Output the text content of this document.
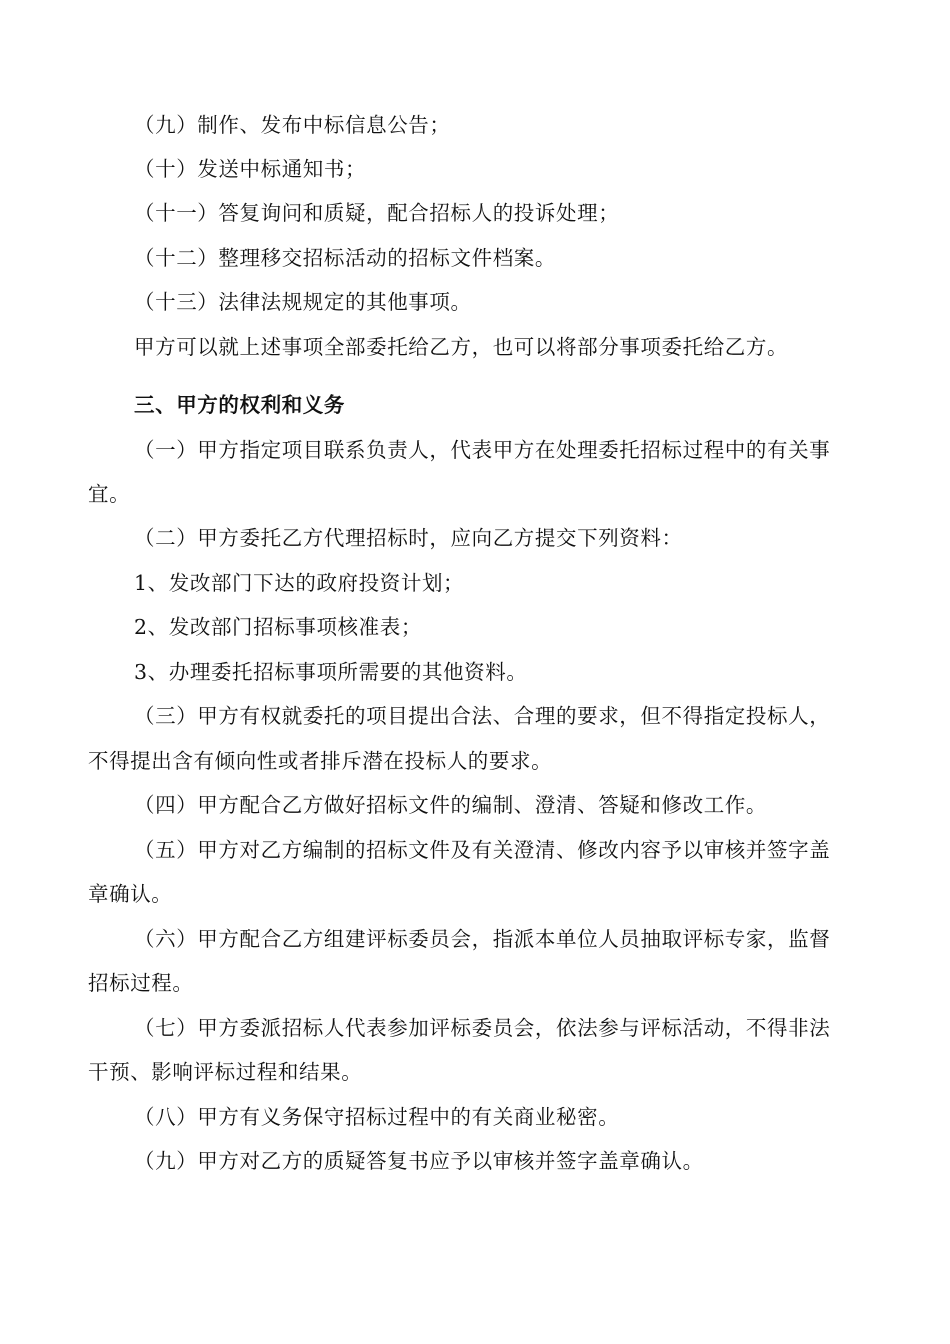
（九）制作、发布中标信息公告；
（十）发送中标通知书；
（十一）答复询问和质疑，配合招标人的投诉处理；
（十二）整理移交招标活动的招标文件档案。
（十三）法律法规规定的其他事项。
甲方可以就上述事项全部委托给乙方，也可以将部分事项委托给乙方。
三、甲方的权利和义务
（一）甲方指定项目联系负责人，代表甲方在处理委托招标过程中的有关事
宜。
（二）甲方委托乙方代理招标时，应向乙方提交下列资料：
1、发改部门下达的政府投资计划；
2、发改部门招标事项核准表；
3、办理委托招标事项所需要的其他资料。
（三）甲方有权就委托的项目提出合法、合理的要求，但不得指定投标人，
不得提出含有倾向性或者排斥潜在投标人的要求。
（四）甲方配合乙方做好招标文件的编制、澄清、答疑和修改工作。
（五）甲方对乙方编制的招标文件及有关澄清、修改内容予以审核并签字盖
章确认。
（六）甲方配合乙方组建评标委员会，指派本单位人员抽取评标专家，监督
招标过程。
（七）甲方委派招标人代表参加评标委员会，依法参与评标活动，不得非法
干预、影响评标过程和结果。
（八）甲方有义务保守招标过程中的有关商业秘密。
（九）甲方对乙方的质疑答复书应予以审核并签字盖章确认。
